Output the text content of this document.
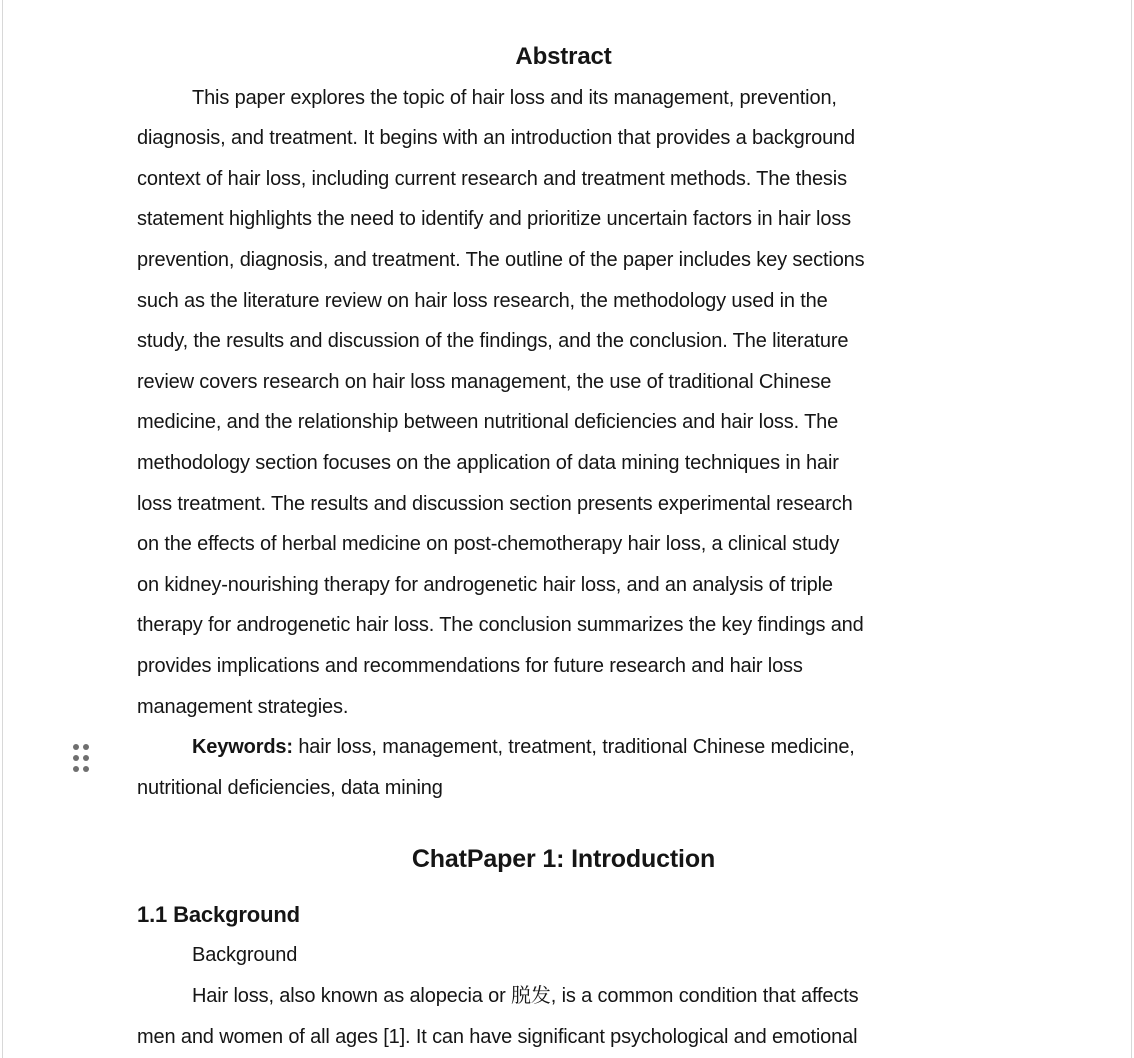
Abstract
This paper explores the topic of hair loss and its management, prevention,
diagnosis, and treatment. It begins with an introduction that provides a background
context of hair loss, including current research and treatment methods. The thesis
statement highlights the need to identify and prioritize uncertain factors in hair loss
prevention, diagnosis, and treatment. The outline of the paper includes key sections
such as the literature review on hair loss research, the methodology used in the
study, the results and discussion of the findings, and the conclusion. The literature
review covers research on hair loss management, the use of traditional Chinese
medicine, and the relationship between nutritional deficiencies and hair loss. The
methodology section focuses on the application of data mining techniques in hair
loss treatment. The results and discussion section presents experimental research
on the effects of herbal medicine on post-chemotherapy hair loss, a clinical study
on kidney-nourishing therapy for androgenetic hair loss, and an analysis of triple
therapy for androgenetic hair loss. The conclusion summarizes the key findings and
provides implications and recommendations for future research and hair loss
management strategies.
Keywords: hair loss, management, treatment, traditional Chinese medicine,
nutritional deficiencies, data mining
ChatPaper 1: Introduction
1.1 Background
Background
Hair loss, also known as alopecia or 脱发, is a common condition that affects
men and women of all ages [1]. It can have significant psychological and emotional
